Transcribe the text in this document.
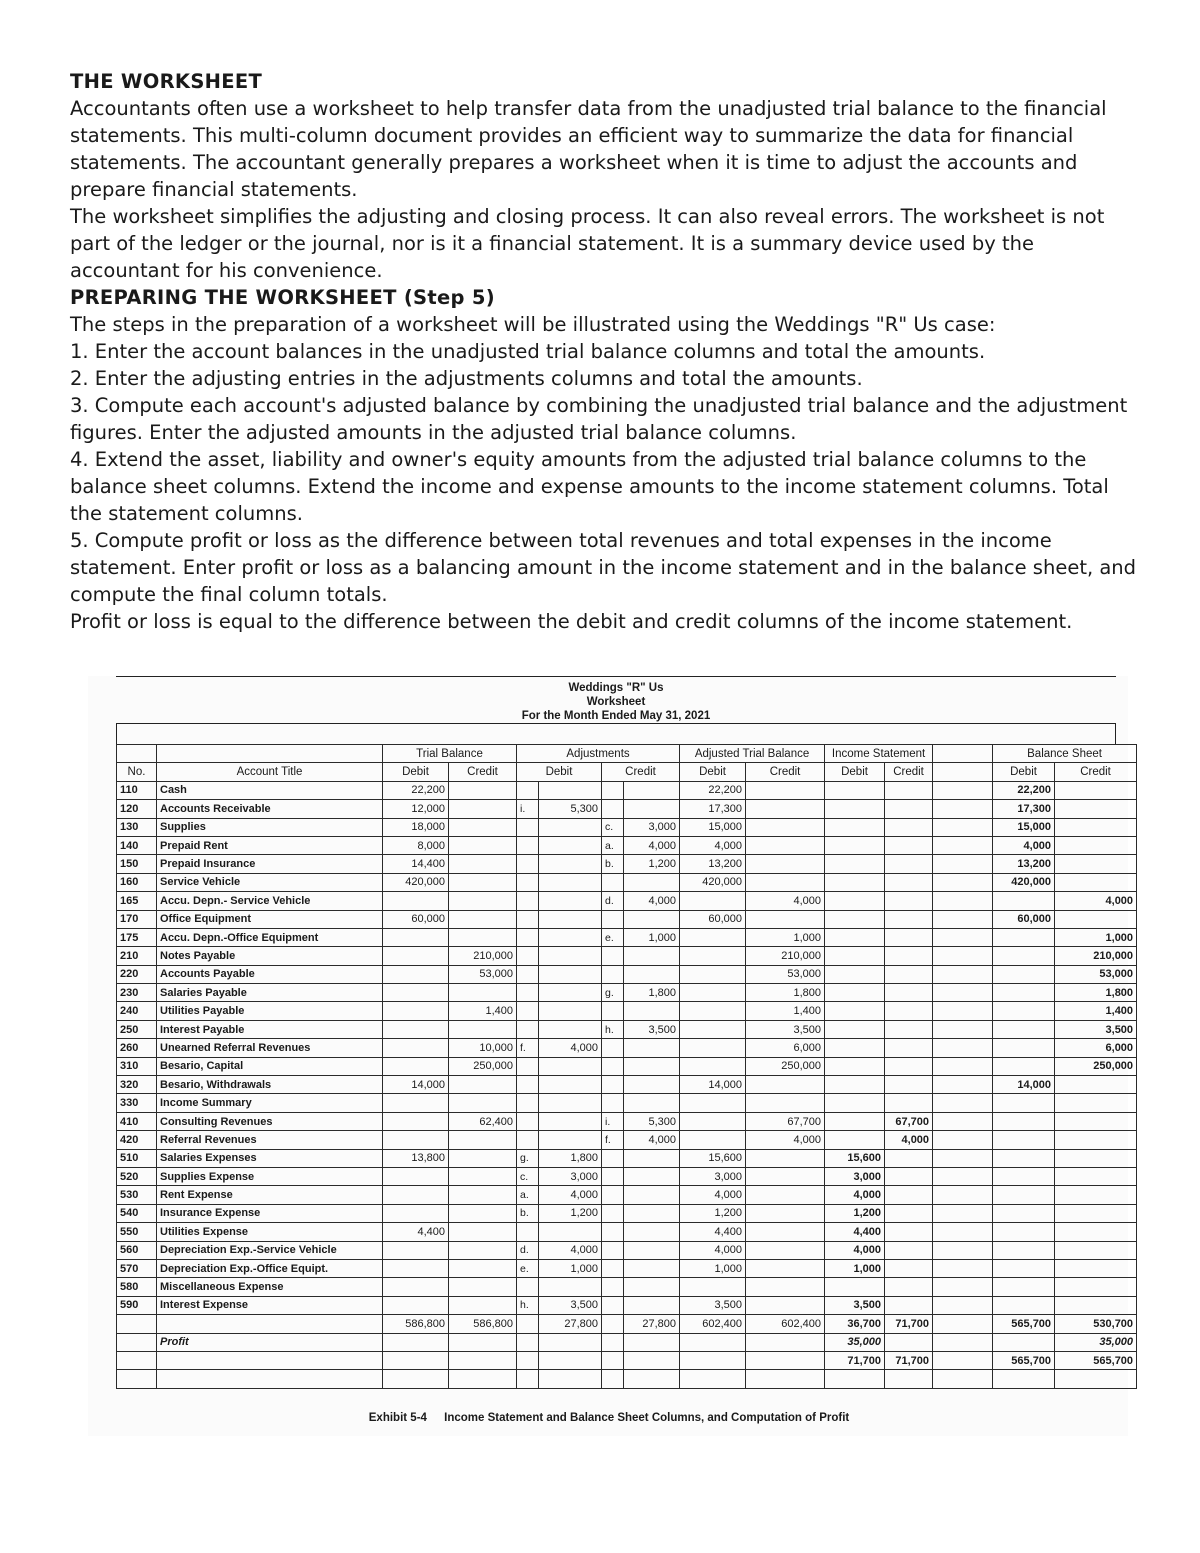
THE WORKSHEET

Accountants often use a worksheet to help transfer data from the unadjusted trial balance to the financial statements. This multi-column document provides an efficient way to summarize the data for financial statements. The accountant generally prepares a worksheet when it is time to adjust the accounts and prepare financial statements.

The worksheet simplifies the adjusting and closing process. It can also reveal errors. The worksheet is not part of the ledger or the journal, nor is it a financial statement. It is a summary device used by the accountant for his convenience.

PREPARING THE WORKSHEET (Step 5)

The steps in the preparation of a worksheet will be illustrated using the Weddings "R" Us case:

1. Enter the account balances in the unadjusted trial balance columns and total the amounts.

2. Enter the adjusting entries in the adjustments columns and total the amounts.

3. Compute each account's adjusted balance by combining the unadjusted trial balance and the adjustment figures. Enter the adjusted amounts in the adjusted trial balance columns.

4. Extend the asset, liability and owner's equity amounts from the adjusted trial balance columns to the balance sheet columns. Extend the income and expense amounts to the income statement columns. Total the statement columns.

5. Compute profit or loss as the difference between total revenues and total expenses in the income statement. Enter profit or loss as a balancing amount in the income statement and in the balance sheet, and compute the final column totals.

Profit or loss is equal to the difference between the debit and credit columns of the income statement.

Weddings "R" Us
Worksheet
For the Month Ended May 31, 2021
		Trial Balance		Adjustments				Adjusted Trial Balance		Income Statement			Balance Sheet	
No.	Account Title	Debit	Credit	Debit		Credit		Debit	Credit	Debit	Credit		Debit	Credit
110	Cash	22,200						22,200					22,200	
120	Accounts Receivable	12,000		i.	5,300			17,300					17,300	
130	Supplies	18,000				c.	3,000	15,000					15,000	
140	Prepaid Rent	8,000				a.	4,000	4,000					4,000	
150	Prepaid Insurance	14,400				b.	1,200	13,200					13,200	
160	Service Vehicle	420,000						420,000					420,000	
165	Accu. Depn.- Service Vehicle					d.	4,000		4,000					4,000
170	Office Equipment	60,000						60,000					60,000	
175	Accu. Depn.-Office Equipment					e.	1,000		1,000					1,000
210	Notes Payable		210,000						210,000					210,000
220	Accounts Payable		53,000						53,000					53,000
230	Salaries Payable					g.	1,800		1,800					1,800
240	Utilities Payable		1,400						1,400					1,400
250	Interest Payable					h.	3,500		3,500					3,500
260	Unearned Referral Revenues		10,000	f.	4,000				6,000					6,000
310	Besario, Capital		250,000						250,000					250,000
320	Besario, Withdrawals	14,000						14,000					14,000	
330	Income Summary													
410	Consulting Revenues		62,400			i.	5,300		67,700		67,700			
420	Referral Revenues					f.	4,000		4,000		4,000			
510	Salaries Expenses	13,800		g.	1,800			15,600		15,600				
520	Supplies Expense			c.	3,000			3,000		3,000				
530	Rent Expense			a.	4,000			4,000		4,000				
540	Insurance Expense			b.	1,200			1,200		1,200				
550	Utilities Expense	4,400						4,400		4,400				
560	Depreciation Exp.-Service Vehicle			d.	4,000			4,000		4,000				
570	Depreciation Exp.-Office Equipt.			e.	1,000			1,000		1,000				
580	Miscellaneous Expense													
590	Interest Expense			h.	3,500			3,500		3,500				
		586,800	586,800		27,800		27,800	602,400	602,400	36,700	71,700		565,700	530,700
	Profit									35,000				35,000
										71,700	71,700		565,700	565,700

Exhibit 5-4 Income Statement and Balance Sheet Columns, and Computation of Profit
